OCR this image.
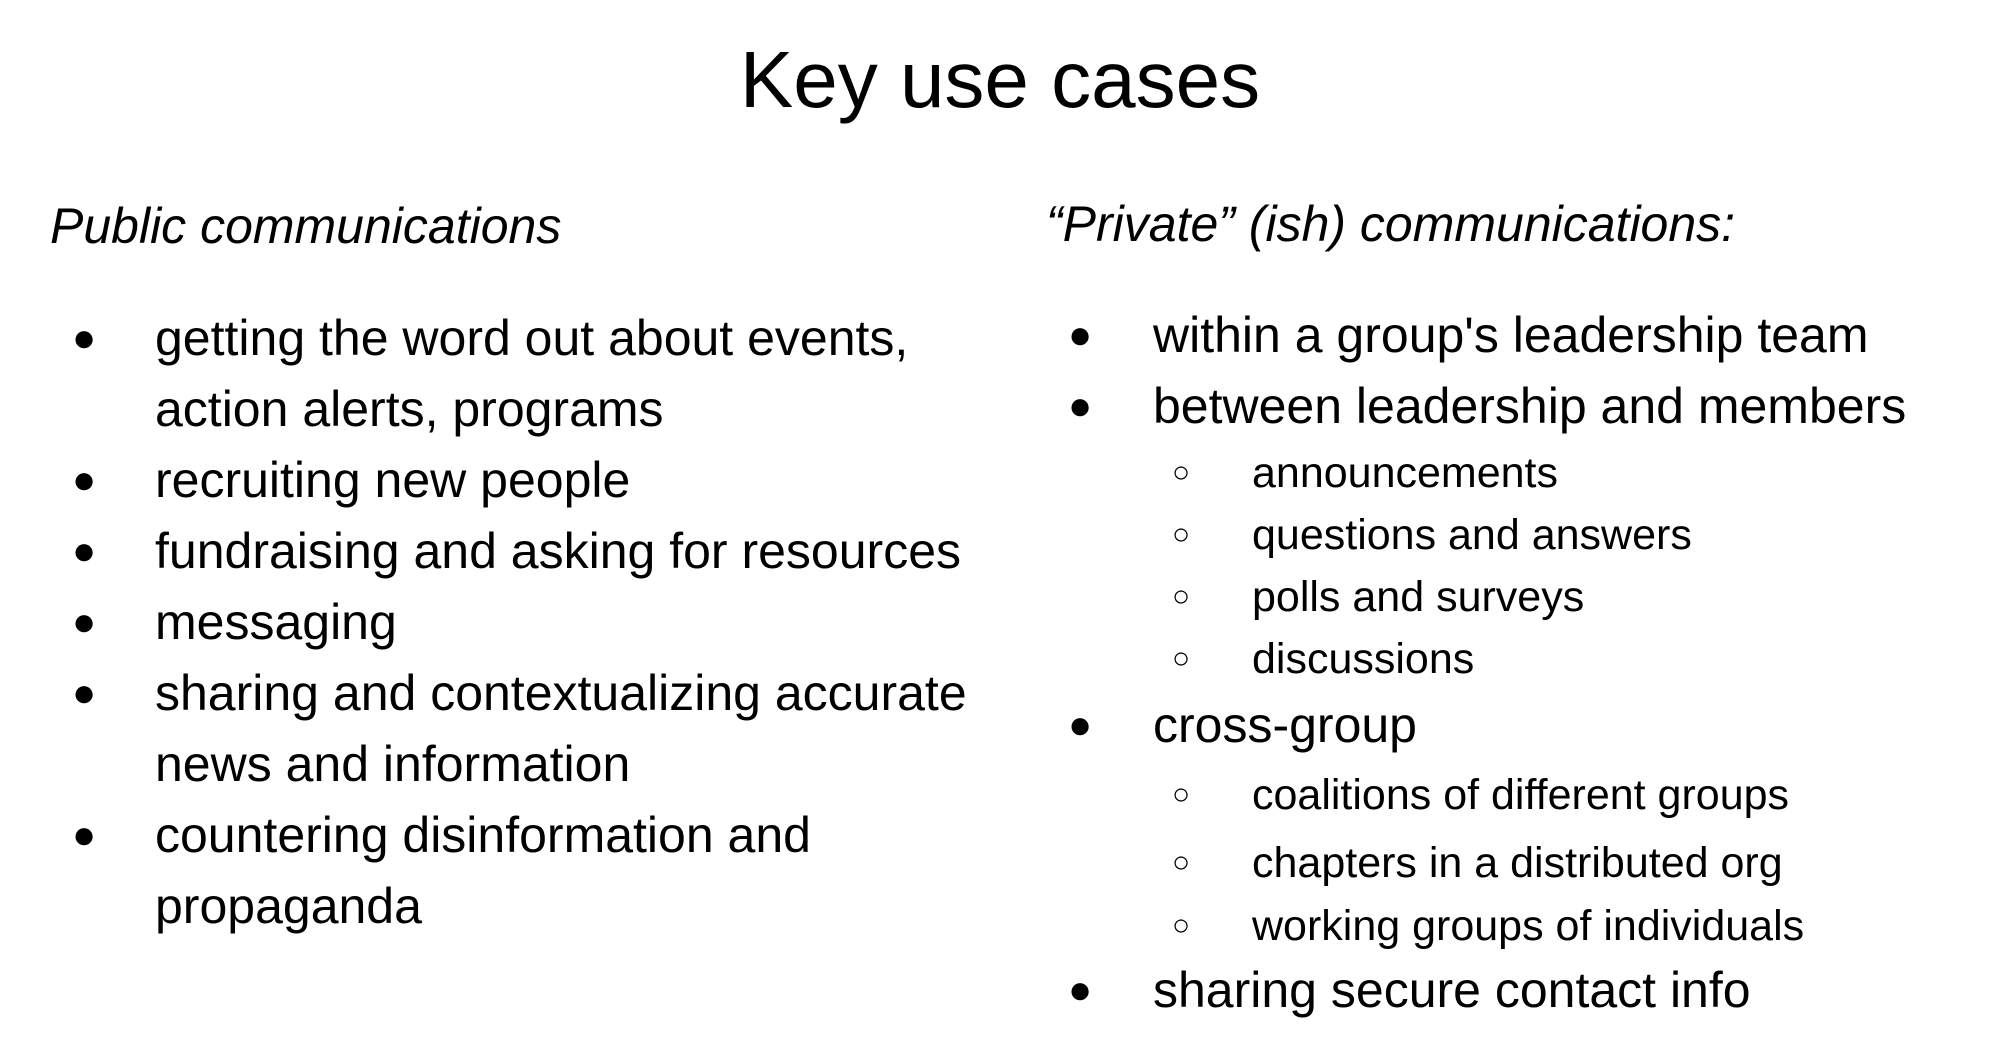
Key use cases
Public communications	“Private” (ish) communications:
● getting the word out about events,
action alerts, programs
● recruiting new people
● fundraising and asking for resources
● messaging
● sharing and contextualizing accurate
news and information
● countering disinformation and
propaganda
● within a group's leadership team
● between leadership and members
○ announcements
○ questions and answers
○ polls and surveys
○ discussions
● cross-group
○ coalitions of different groups
○ chapters in a distributed org
○ working groups of individuals
● sharing secure contact info
